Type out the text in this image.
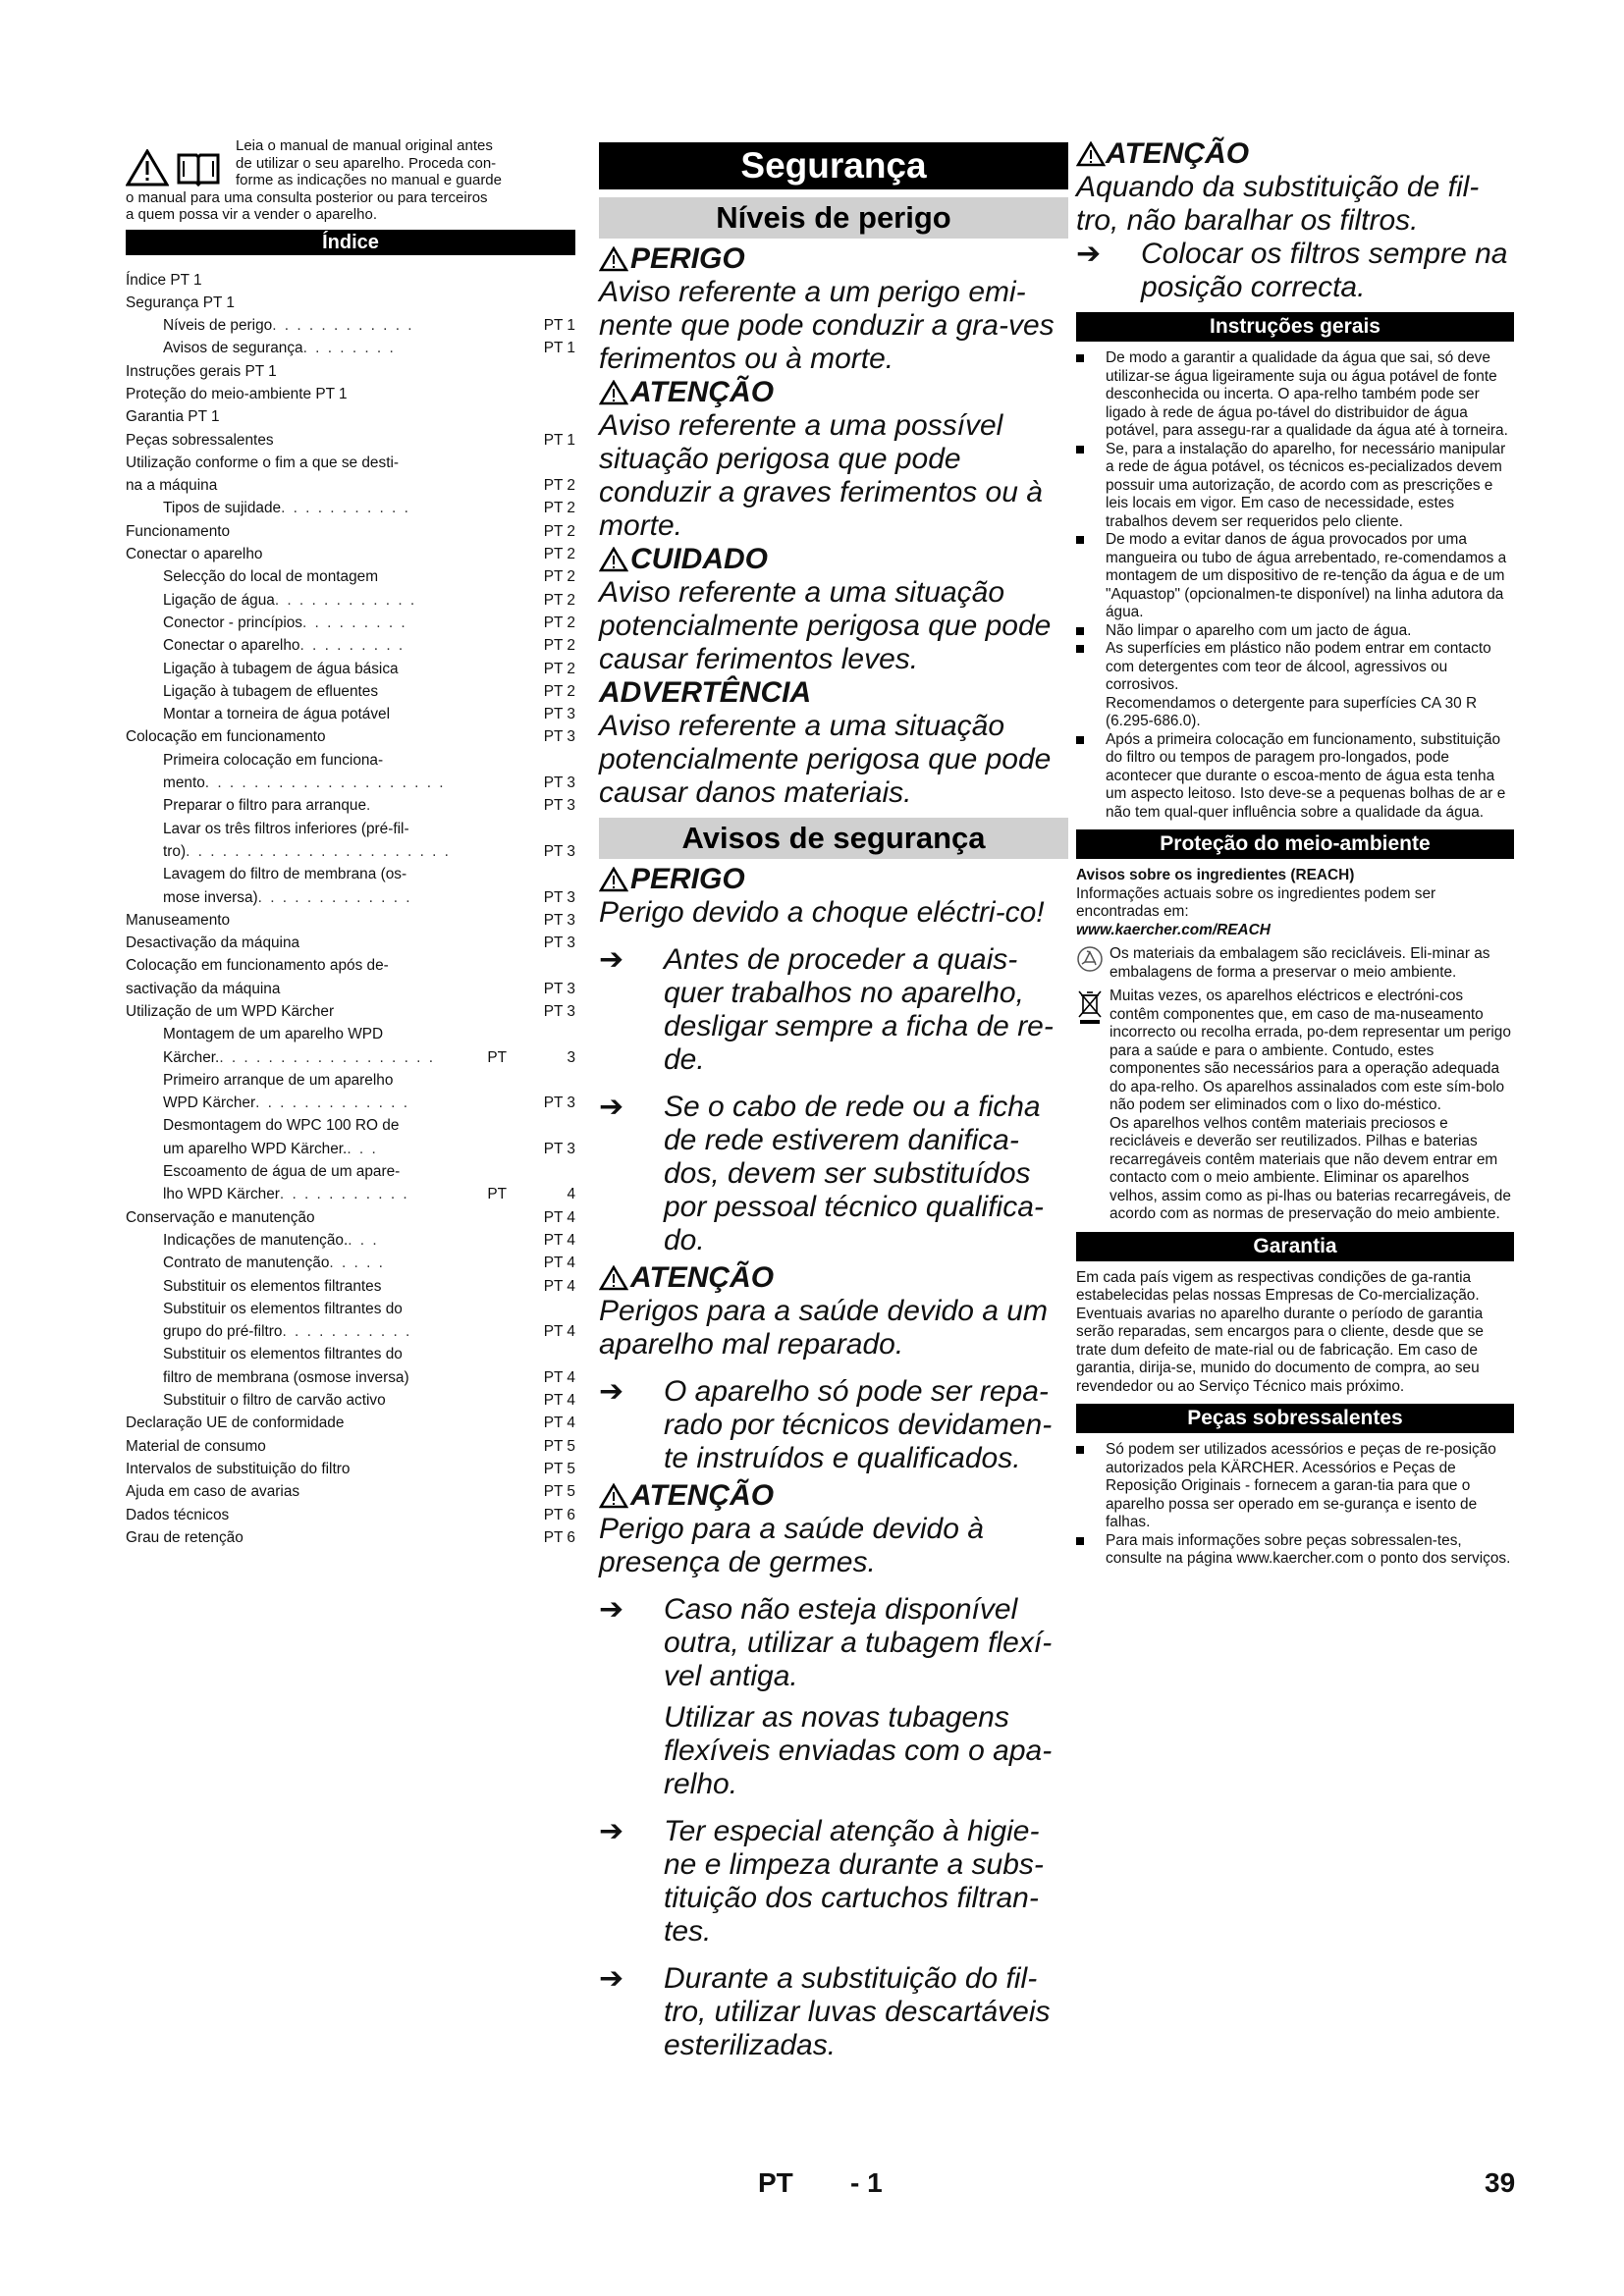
Leia o manual de manual original antes
de utilizar o seu aparelho. Proceda con-
forme as indicações no manual e guarde
o manual para uma consulta posterior ou para terceiros
a quem possa vir a vender o aparelho.
Índice
Índice PT 1
Segurança PT 1
Níveis de perigo . . . . . . . . . . . .	PT 1
Avisos de segurança . . . . . . . .	PT 1
Instruções gerais PT 1
Proteção do meio-ambiente PT 1
Garantia PT 1
Peças sobressalentes	PT 1
Utilização conforme o fim a que se desti-
na a máquina	PT 2
Tipos de sujidade . . . . . . . . . . .	PT 2
Funcionamento	PT 2
Conectar o aparelho	PT 2
Selecção do local de montagem	PT 2
Ligação de água . . . . . . . . . . . .	PT 2
Conector - princípios . . . . . . . . .	PT 2
Conectar o aparelho . . . . . . . . .	PT 2
Ligação à tubagem de água básica	PT 2
Ligação à tubagem de efluentes	PT 2
Montar a torneira de água potável	PT 3
Colocação em funcionamento	PT 3
Primeira colocação em funciona-
mento . . . . . . . . . . . . . . . . . . . .	PT 3
Preparar o filtro para arranque .	PT 3
Lavar os três filtros inferiores (pré-fil-
tro) . . . . . . . . . . . . . . . . . . . . . .	PT 3
Lavagem do filtro de membrana (os-
mose inversa) . . . . . . . . . . . . .	PT 3
Manuseamento	PT 3
Desactivação da máquina	PT 3
Colocação em funcionamento após de-
sactivação da máquina	PT 3
Utilização de um WPD Kärcher	PT 3
Montagem de um aparelho WPD
Kärcher. . . . . . . . . . . . . . . . . . .	PT	3
Primeiro arranque de um aparelho
WPD Kärcher . . . . . . . . . . . . .	PT 3
Desmontagem do WPC 100 RO de
um aparelho WPD Kärcher. . . .	PT 3
Escoamento de água de um apare-
lho WPD Kärcher . . . . . . . . . . .	PT	4
Conservação e manutenção	PT 4
Indicações de manutenção. . . .	PT 4
Contrato de manutenção . . . . .	PT 4
Substituir os elementos filtrantes	PT 4
Substituir os elementos filtrantes do
grupo do pré-filtro . . . . . . . . . . .	PT 4
Substituir os elementos filtrantes do
filtro de membrana (osmose inversa)	PT 4
Substituir o filtro de carvão activo	PT 4
Declaração UE de conformidade	PT 4
Material de consumo	PT 5
Intervalos de substituição do filtro	PT 5
Ajuda em caso de avarias	PT 5
Dados técnicos	PT 6
Grau de retenção	PT 6
Segurança
Níveis de perigo
PERIGO
Aviso referente a um perigo emi-nente que pode conduzir a gra-ves ferimentos ou à morte.
ATENÇÃO
Aviso referente a uma possível situação perigosa que pode conduzir a graves ferimentos ou à morte.
CUIDADO
Aviso referente a uma situação potencialmente perigosa que pode causar ferimentos leves.
ADVERTÊNCIA
Aviso referente a uma situação potencialmente perigosa que pode causar danos materiais.
Avisos de segurança
PERIGO
Perigo devido a choque eléctri-co!
➔	Antes de proceder a quais-quer trabalhos no aparelho, desligar sempre a ficha de re-de.
➔	Se o cabo de rede ou a ficha de rede estiverem danifica-dos, devem ser substituídos por pessoal técnico qualifica-do.
ATENÇÃO
Perigos para a saúde devido a um aparelho mal reparado.
➔	O aparelho só pode ser repa-rado por técnicos devidamen-te instruídos e qualificados.
ATENÇÃO
Perigo para a saúde devido à presença de germes.
➔	Caso não esteja disponível outra, utilizar a tubagem flexí-vel antiga.
Utilizar as novas tubagens flexíveis enviadas com o apa-relho.
➔	Ter especial atenção à higie-ne e limpeza durante a subs-tituição dos cartuchos filtran-tes.
➔	Durante a substituição do fil-tro, utilizar luvas descartáveis esterilizadas.
ATENÇÃO
Aquando da substituição de fil-tro, não baralhar os filtros.
➔	Colocar os filtros sempre na posição correcta.
Instruções gerais
De modo a garantir a qualidade da água que sai, só deve utilizar-se água ligeiramente suja ou água potável de fonte desconhecida ou incerta. O apa-relho também pode ser ligado à rede de água po-tável do distribuidor de água potável, para assegu-rar a qualidade da água até à torneira.
Se, para a instalação do aparelho, for necessário manipular a rede de água potável, os técnicos es-pecializados devem possuir uma autorização, de acordo com as prescrições e leis locais em vigor. Em caso de necessidade, estes trabalhos devem ser requeridos pelo cliente.
De modo a evitar danos de água provocados por uma mangueira ou tubo de água arrebentado, re-comendamos a montagem de um dispositivo de re-tenção da água e de um "Aquastop" (opcionalmen-te disponível) na linha adutora da água.
Não limpar o aparelho com um jacto de água.
As superfícies em plástico não podem entrar em contacto com detergentes com teor de álcool, agressivos ou corrosivos.
Recomendamos o detergente para superfícies CA 30 R (6.295-686.0).
Após a primeira colocação em funcionamento, substituição do filtro ou tempos de paragem pro-longados, pode acontecer que durante o escoa-mento de água esta tenha um aspecto leitoso. Isto deve-se a pequenas bolhas de ar e não tem qual-quer influência sobre a qualidade da água.
Proteção do meio-ambiente
Avisos sobre os ingredientes (REACH)
Informações actuais sobre os ingredientes podem ser encontradas em:
www.kaercher.com/REACH
Os materiais da embalagem são recicláveis. Eli-minar as embalagens de forma a preservar o meio ambiente.
Muitas vezes, os aparelhos eléctricos e electróni-cos contêm componentes que, em caso de ma-nuseamento incorrecto ou recolha errada, po-dem representar um perigo para a saúde e para o ambiente. Contudo, estes componentes são necessários para a operação adequada do apa-relho. Os aparelhos assinalados com este sím-bolo não podem ser eliminados com o lixo do-méstico.
Os aparelhos velhos contêm materiais preciosos e recicláveis e deverão ser reutilizados. Pilhas e baterias recarregáveis contêm materiais que não devem entrar em contacto com o meio ambiente. Eliminar os aparelhos velhos, assim como as pi-lhas ou baterias recarregáveis, de acordo com as normas de preservação do meio ambiente.
Garantia
Em cada país vigem as respectivas condições de ga-rantia estabelecidas pelas nossas Empresas de Co-mercialização. Eventuais avarias no aparelho durante o período de garantia serão reparadas, sem encargos para o cliente, desde que se trate dum defeito de mate-rial ou de fabricação. Em caso de garantia, dirija-se, munido do documento de compra, ao seu revendedor ou ao Serviço Técnico mais próximo.
Peças sobressalentes
Só podem ser utilizados acessórios e peças de re-posição autorizados pela KÄRCHER. Acessórios e Peças de Reposição Originais - fornecem a garan-tia para que o aparelho possa ser operado em se-gurança e isento de falhas.
Para mais informações sobre peças sobressalen-tes, consulte na página www.kaercher.com o ponto dos serviços.
PT - 1	39
